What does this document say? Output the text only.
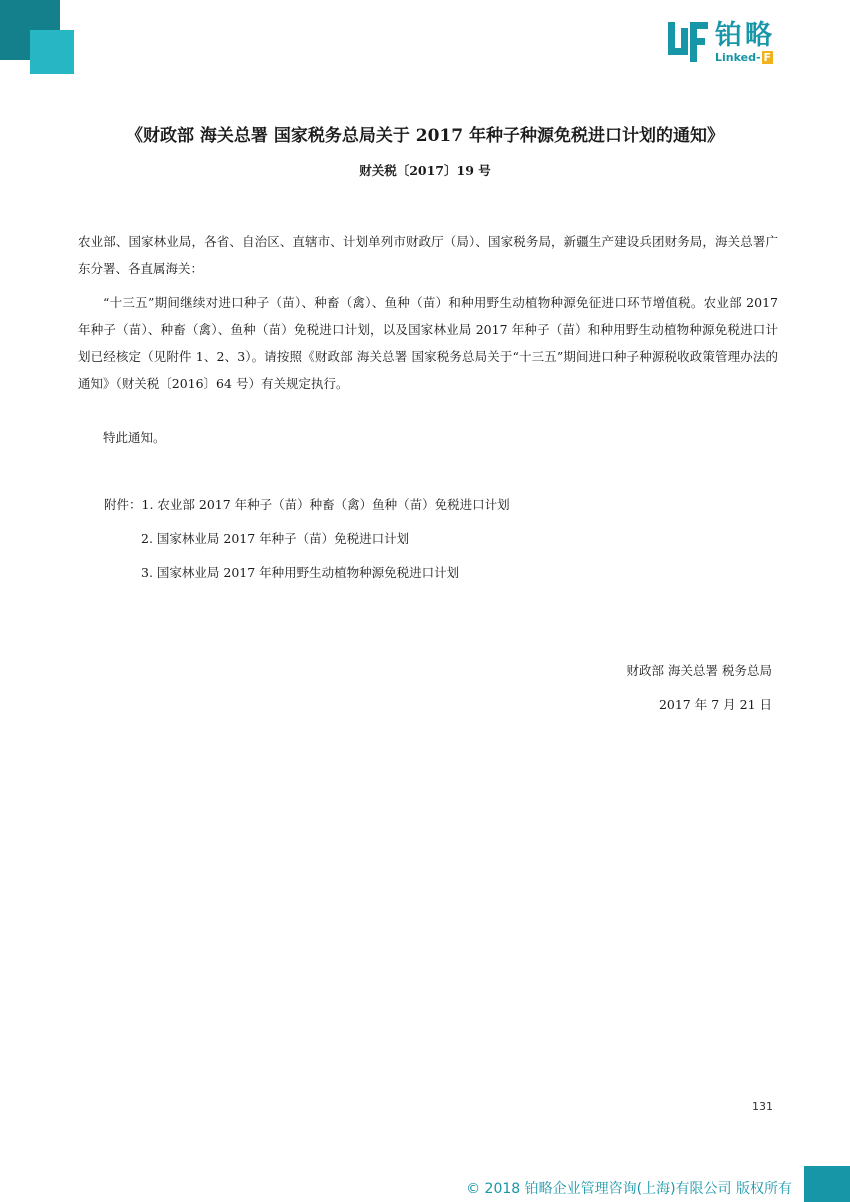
铂略
Linked- F
《财政部 海关总署 国家税务总局关于 2017 年种子种源免税进口计划的通知》
财关税〔2017〕19 号

农业部、国家林业局，各省、自治区、直辖市、计划单列市财政厅（局）、国家税务局，新疆生产建设兵团财务局，海关总署广东分署、各直属海关：

“十三五”期间继续对进口种子（苗）、种畜（禽）、鱼种（苗）和种用野生动植物种源免征进口环节增值税。农业部 2017 年种子（苗）、种畜（禽）、鱼种（苗）免税进口计划，以及国家林业局 2017 年种子（苗）和种用野生动植物种源免税进口计划已经核定（见附件 1、2、3）。请按照《财政部 海关总署 国家税务总局关于“十三五”期间进口种子种源税收政策管理办法的通知》（财关税〔2016〕64 号）有关规定执行。

特此通知。

附件：1. 农业部 2017 年种子（苗）种畜（禽）鱼种（苗）免税进口计划
2. 国家林业局 2017 年种子（苗）免税进口计划
3. 国家林业局 2017 年种用野生动植物种源免税进口计划
财政部 海关总署 税务总局
2017 年 7 月 21 日
131
© 2018 铂略企业管理咨询(上海)有限公司 版权所有
